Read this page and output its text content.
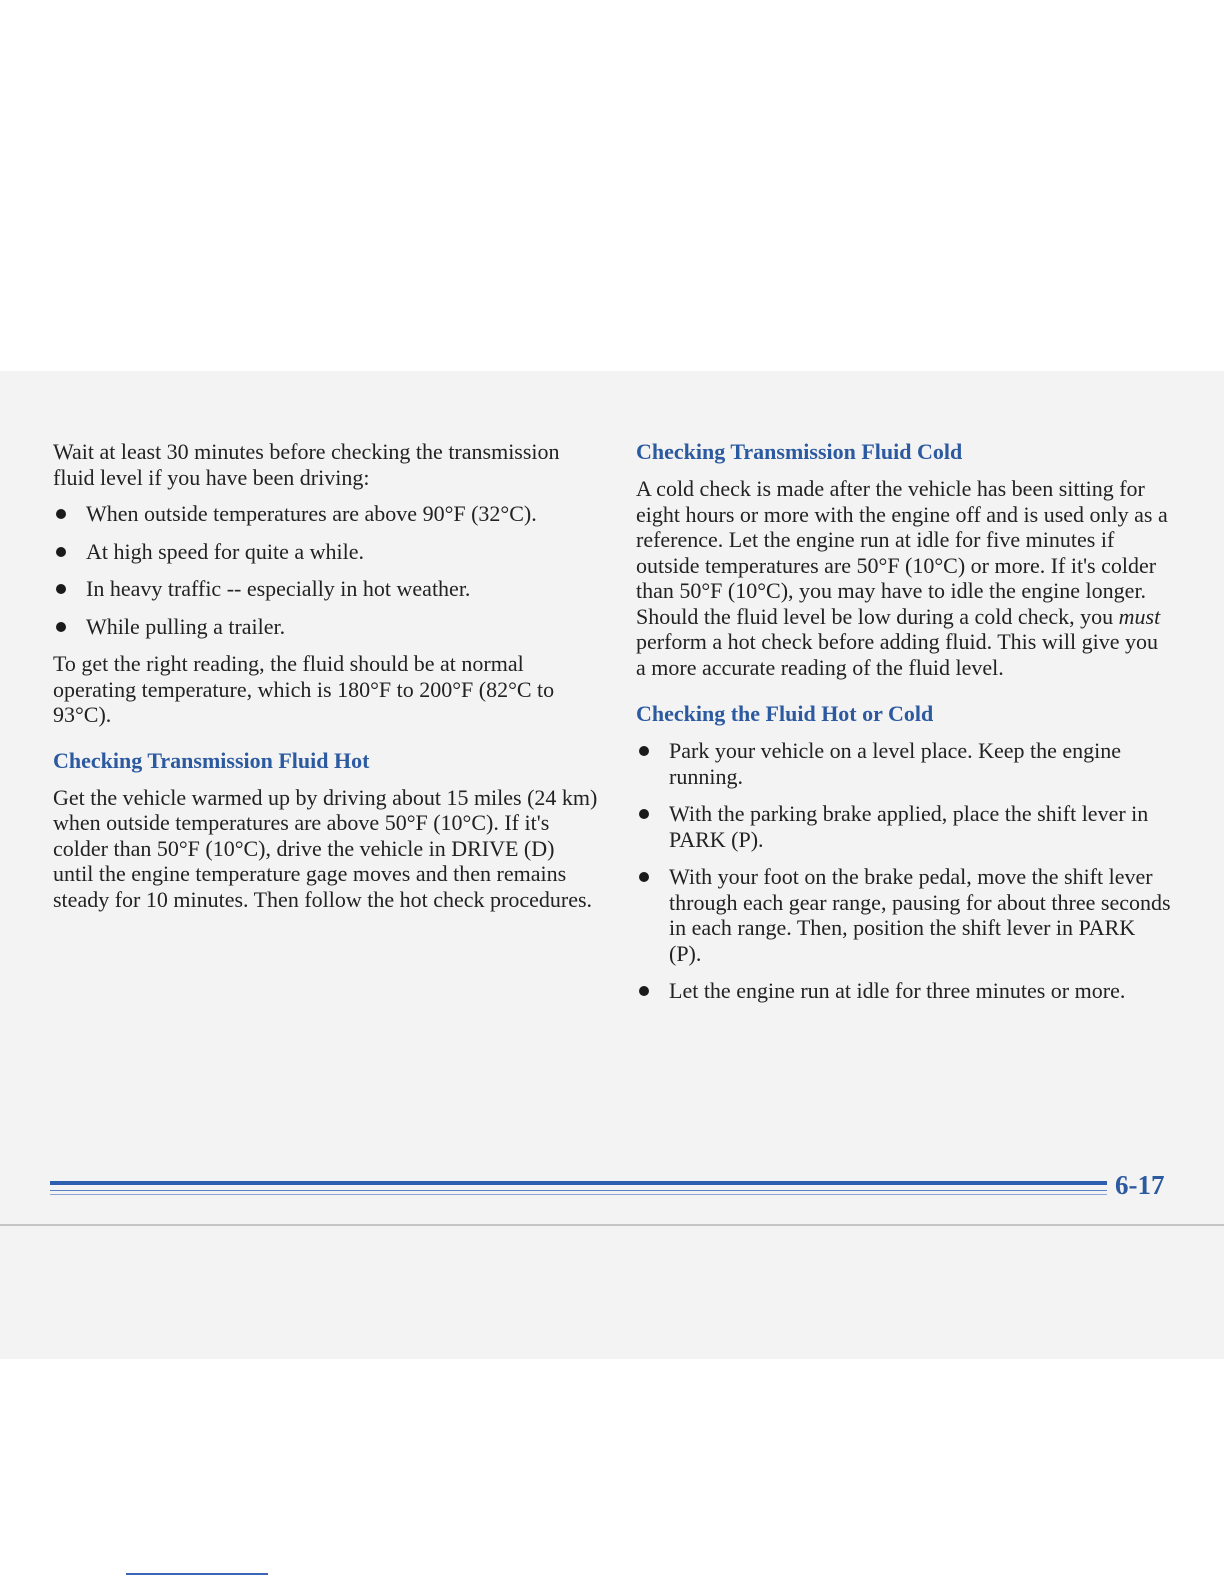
Wait at least 30 minutes before checking the transmission fluid level if you have been driving:

When outside temperatures are above 90°F (32°C).
At high speed for quite a while.
In heavy traffic -- especially in hot weather.
While pulling a trailer.

To get the right reading, the fluid should be at normal operating temperature, which is 180°F to 200°F (82°C to 93°C).

Checking Transmission Fluid Hot

Get the vehicle warmed up by driving about 15 miles (24 km) when outside temperatures are above 50°F (10°C). If it's colder than 50°F (10°C), drive the vehicle in DRIVE (D) until the engine temperature gage moves and then remains steady for 10 minutes. Then follow the hot check procedures.

Checking Transmission Fluid Cold

A cold check is made after the vehicle has been sitting for eight hours or more with the engine off and is used only as a reference. Let the engine run at idle for five minutes if outside temperatures are 50°F (10°C) or more. If it's colder than 50°F (10°C), you may have to idle the engine longer. Should the fluid level be low during a cold check, you must perform a hot check before adding fluid. This will give you a more accurate reading of the fluid level.

Checking the Fluid Hot or Cold
Park your vehicle on a level place. Keep the engine running.
With the parking brake applied, place the shift lever in PARK (P).
With your foot on the brake pedal, move the shift lever through each gear range, pausing for about three seconds in each range. Then, position the shift lever in PARK (P).
Let the engine run at idle for three minutes or more.
6-17
